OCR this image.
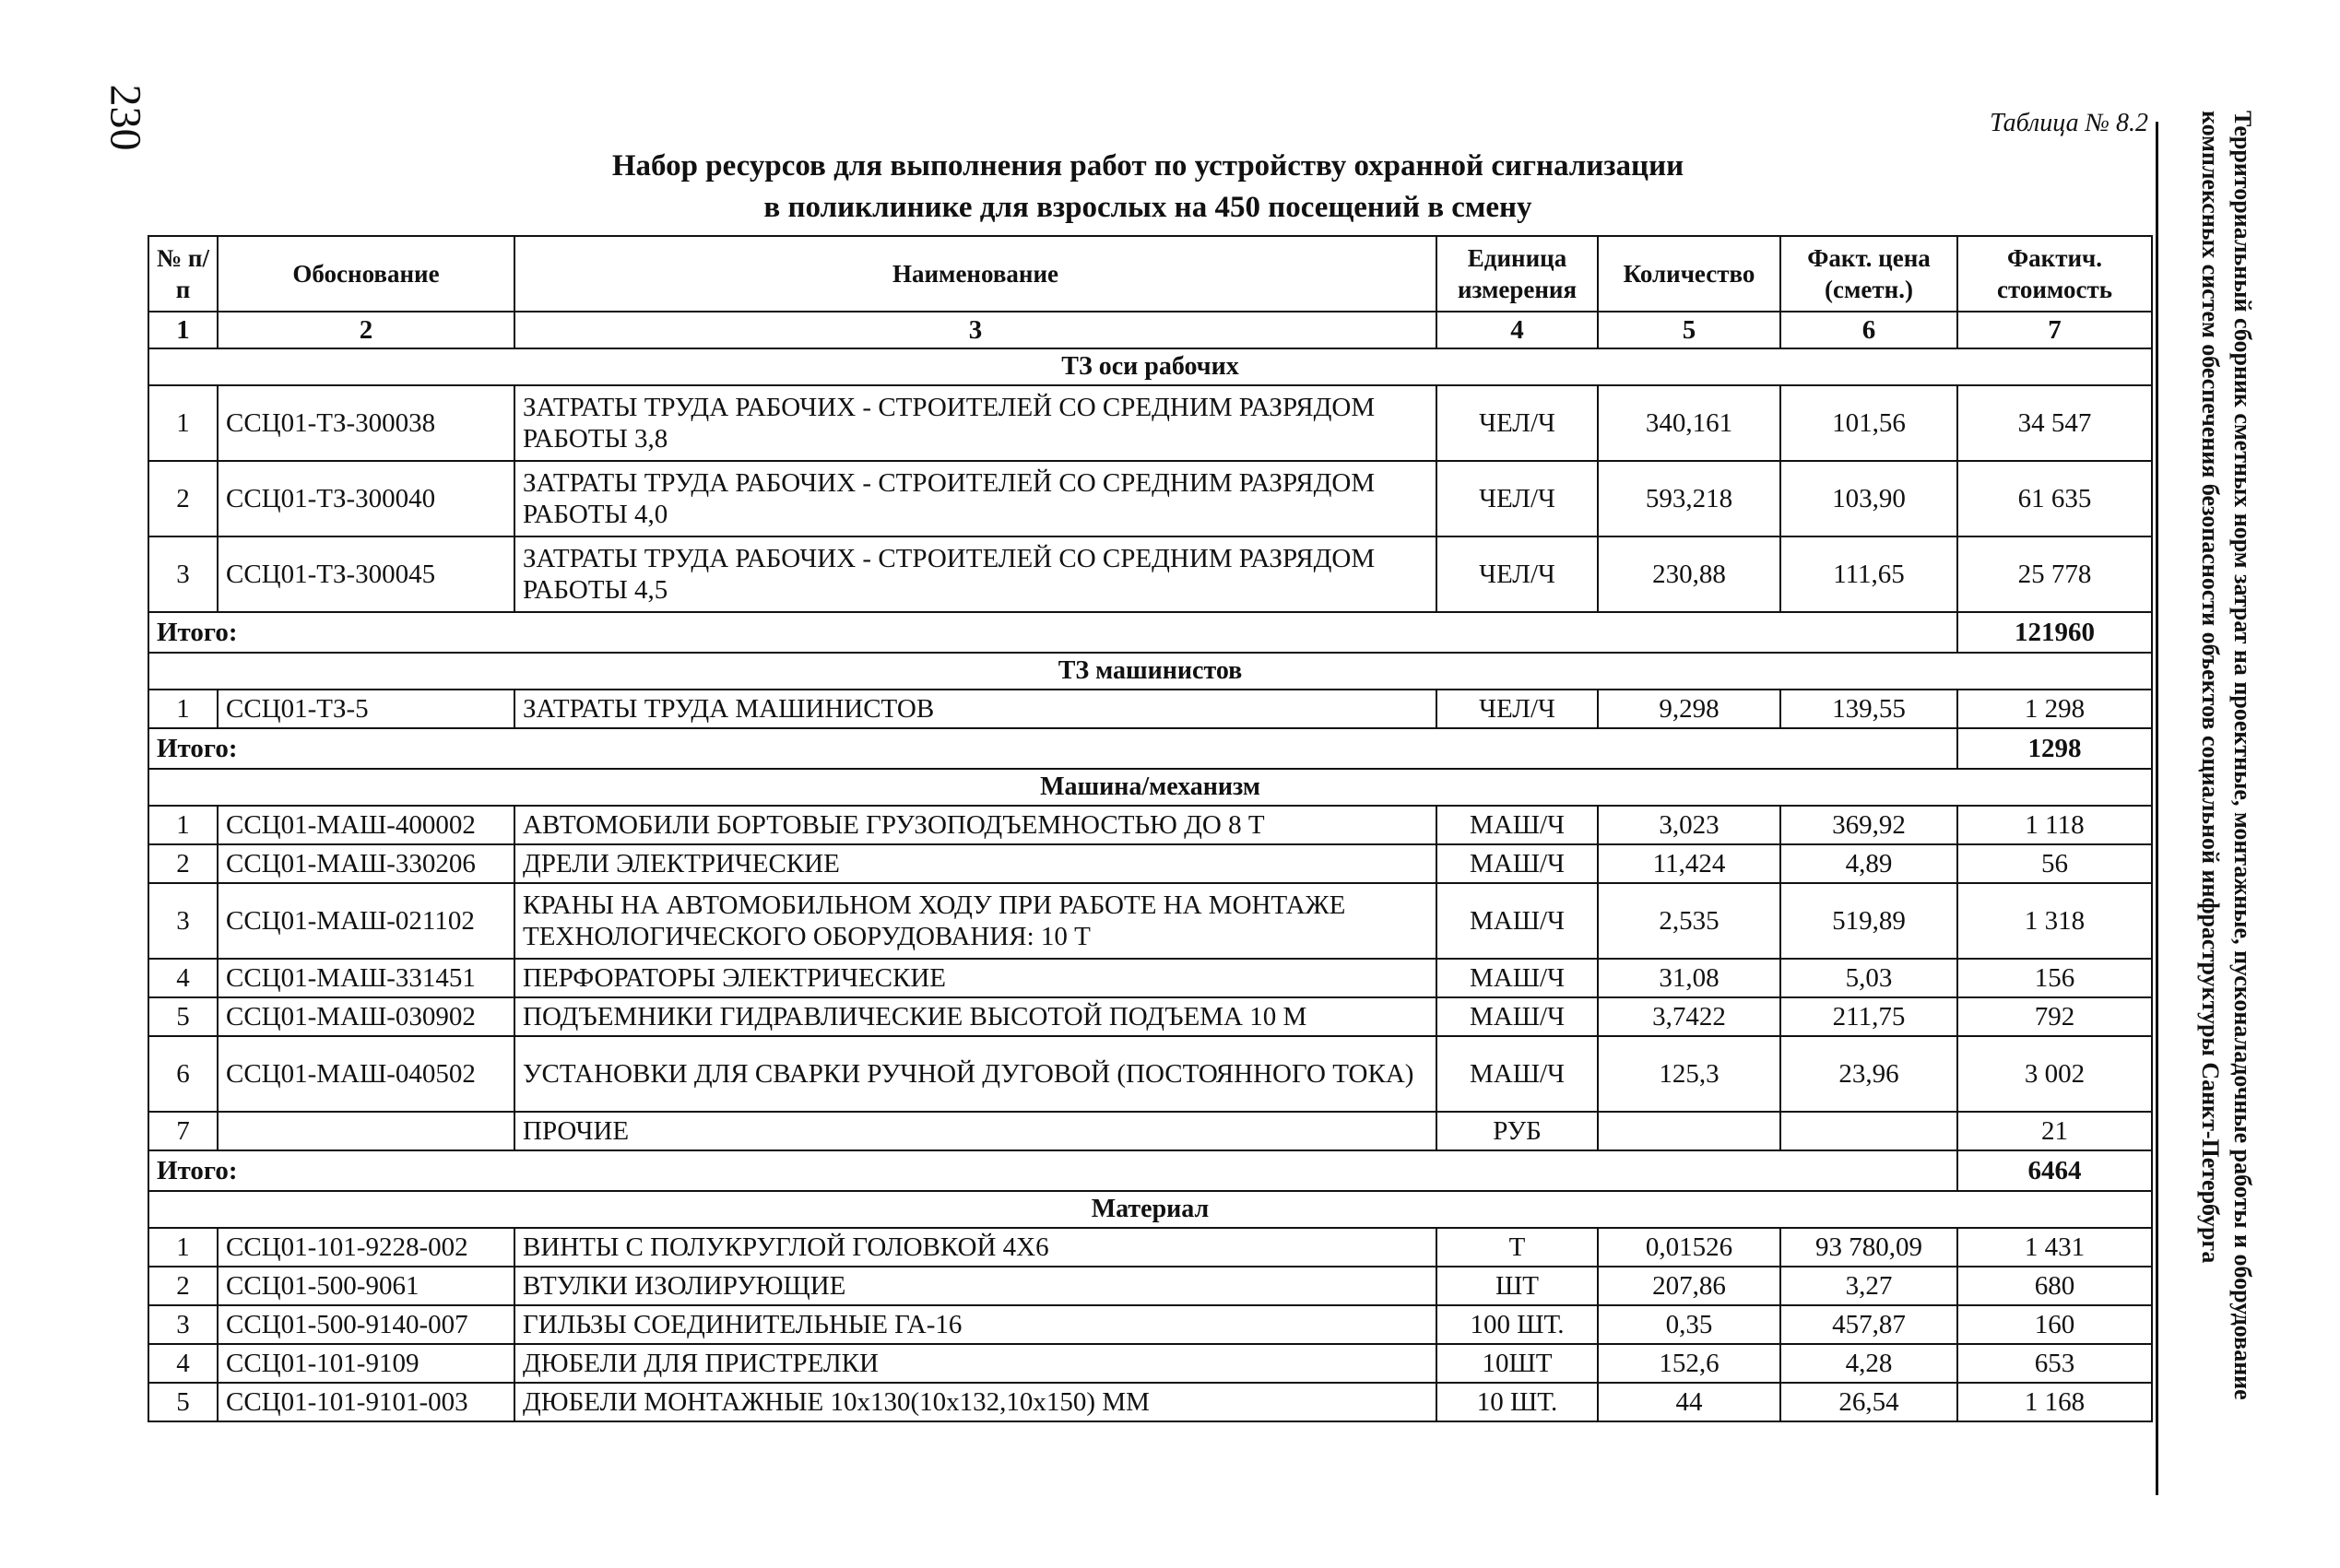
230	Таблица № 8.2	Территориальный сборник сметных норм затрат на проектные, монтажные, пусконаладочные работы и оборудование комплексных систем обеспечения безопасности объектов социальной инфраструктуры Санкт-Петербурга
Набор ресурсов для выполнения работ по устройству охранной сигнализации
в поликлинике для взрослых на 450 посещений в смену
№ п/п	Обоснование	Наименование	Единица измерения	Количество	Факт. цена (сметн.)	Фактич. стоимость
1	2	3	4	5	6	7
ТЗ оси рабочих						
1	ССЦ01-ТЗ-300038	ЗАТРАТЫ ТРУДА РАБОЧИХ - СТРОИТЕЛЕЙ СО СРЕДНИМ РАЗРЯДОМ РАБОТЫ 3,8	ЧЕЛ/Ч	340,161	101,56	34 547
2	ССЦ01-ТЗ-300040	ЗАТРАТЫ ТРУДА РАБОЧИХ - СТРОИТЕЛЕЙ СО СРЕДНИМ РАЗРЯДОМ РАБОТЫ 4,0	ЧЕЛ/Ч	593,218	103,90	61 635
3	ССЦ01-ТЗ-300045	ЗАТРАТЫ ТРУДА РАБОЧИХ - СТРОИТЕЛЕЙ СО СРЕДНИМ РАЗРЯДОМ РАБОТЫ 4,5	ЧЕЛ/Ч	230,88	111,65	25 778
Итого:						121960
ТЗ машинистов						
1	ССЦ01-ТЗ-5	ЗАТРАТЫ ТРУДА МАШИНИСТОВ	ЧЕЛ/Ч	9,298	139,55	1 298
Итого:						1298
Машина/механизм						
1	ССЦ01-МАШ-400002	АВТОМОБИЛИ БОРТОВЫЕ ГРУЗОПОДЪЕМНОСТЬЮ ДО 8 Т	МАШ/Ч	3,023	369,92	1 118
2	ССЦ01-МАШ-330206	ДРЕЛИ ЭЛЕКТРИЧЕСКИЕ	МАШ/Ч	11,424	4,89	56
3	ССЦ01-МАШ-021102	КРАНЫ НА АВТОМОБИЛЬНОМ ХОДУ ПРИ РАБОТЕ НА МОНТАЖЕ ТЕХНОЛОГИЧЕСКОГО ОБОРУДОВАНИЯ: 10 Т	МАШ/Ч	2,535	519,89	1 318
4	ССЦ01-МАШ-331451	ПЕРФОРАТОРЫ ЭЛЕКТРИЧЕСКИЕ	МАШ/Ч	31,08	5,03	156
5	ССЦ01-МАШ-030902	ПОДЪЕМНИКИ ГИДРАВЛИЧЕСКИЕ ВЫСОТОЙ ПОДЪЕМА 10 М	МАШ/Ч	3,7422	211,75	792
6	ССЦ01-МАШ-040502	УСТАНОВКИ ДЛЯ СВАРКИ РУЧНОЙ ДУГОВОЙ (ПОСТОЯННОГО ТОКА)	МАШ/Ч	125,3	23,96	3 002
7		ПРОЧИЕ	РУБ			21
Итого:						6464
Материал						
1	ССЦ01-101-9228-002	ВИНТЫ С ПОЛУКРУГЛОЙ ГОЛОВКОЙ 4X6	Т	0,01526	93 780,09	1 431
2	ССЦ01-500-9061	ВТУЛКИ ИЗОЛИРУЮЩИЕ	ШТ	207,86	3,27	680
3	ССЦ01-500-9140-007	ГИЛЬЗЫ СОЕДИНИТЕЛЬНЫЕ ГА-16	100 ШТ.	0,35	457,87	160
4	ССЦ01-101-9109	ДЮБЕЛИ ДЛЯ ПРИСТРЕЛКИ	10ШТ	152,6	4,28	653
5	ССЦ01-101-9101-003	ДЮБЕЛИ МОНТАЖНЫЕ 10х130(10х132,10х150) ММ	10 ШТ.	44	26,54	1 168
